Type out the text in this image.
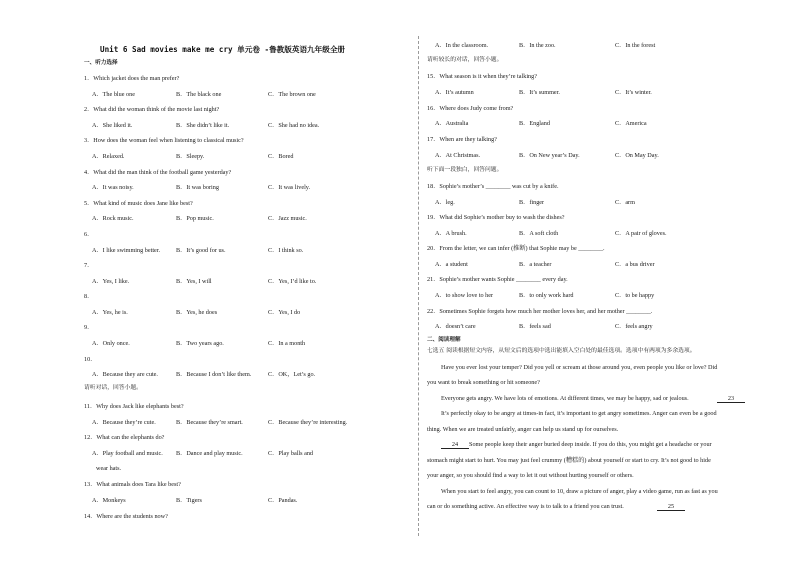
Unit 6 Sad movies make me cry 单元卷 -鲁教版英语九年级全册
一、听力选择
1．Which jacket does the man prefer?
A．The blue one	B．The black one	C．The brown one
2．What did the woman think of the movie last night?
A．She liked it.	B．She didn’t like it.	C．She had no idea.
3．How does the woman feel when listening to classical music?
A．Relaxed.	B．Sleepy.	C．Bored
4．What did the man think of the football game yesterday?
A．It was noisy.	B．It was boring	C．It was lively.
5．What kind of music does Jane like best?
A．Rock music.	B．Pop music.	C．Jazz music.
6．
A．I like swimming better.	B．It’s good for us.	C．I think so.
7．
A．Yes, I like.	B．Yes, I will	C．Yes, I’d like to.
8．
A．Yes, he is.	B．Yes, he does	C．Yes, I do
9．
A．Only once.	B．Two years ago.	C．In a month
10．
A．Because they are cute.	B．Because I don’t like them.	C．OK，Let’s go.
请听对话，回答小题。
11．Why does Jack like elephants best?
A．Because they’re cute.	B．Because they’re smart.	C．Because they’re interesting.
12．What can the elephants do?
A．Play football and music. B．Dance and play music.	C．Play balls and
13．What animals does Tara like best?
A．Monkeys	B．Tigers	C．Pandas.
14．Where are the students now?
wear hats.
A．In the classroom.	B．In the zoo.	C．In the forest
请听较长的对话，回答小题。
15．What season is it when they’re talking?
A．It’s autumn	B．It’s summer.	C．It’s winter.
16．Where does Judy come from?
A．Australia	B．England	C．America
17．When are they talking?
A．At Christmas.	B．On New year’s Day.	C．On May Day.
听下面一段独白，回答问题。
18．Sophie’s mother’s ________ was cut by a knife.
A．leg.	B．finger	C．arm
19．What did Sophie’s mother buy to wash the dishes?
A．A brush.	B．A soft cloth	C．A pair of gloves.
20．From the letter, we can infer (推断) that Sophie may be ________.
A．a student	B．a teacher	C．a bus driver
21．Sophie’s mother wants Sophie ________ every day.
A．to show love to her	B．to only work hard	C．to be happy
22．Sometimes Sophie forgets how much her mother loves her, and her mother ________.
A．doesn’t care	B．feels sad	C．feels angry
二、阅读理解
七选五 阅读根据短文内容，从短文后的选项中选出能填入空白处的最佳选项。选项中有两项为多余选项。
Have you ever lost your temper? Did you yell or scream at those around you, even people you like or love? Did
you want to break something or hit someone?
Everyone gets angry. We have lots of emotions. At different times, we may be happy, sad or jealous.	23
It’s perfectly okay to be angry at times-in fact, it’s important to get angry sometimes. Anger can even be a good
thing. When we are treated unfairly, anger can help us stand up for ourselves.
24	Some people keep their anger buried deep inside. If you do this, you might get a headache or your
stomach might start to hurt. You may just feel crummy (糟糕的) about yourself or start to cry. It’s not good to hide
your anger, so you should find a way to let it out without hurting yourself or others.
When you start to feel angry, you can count to 10, draw a picture of anger, play a video game, run as fast as you
can or do something active. An effective way is to talk to a friend you can trust.	25
